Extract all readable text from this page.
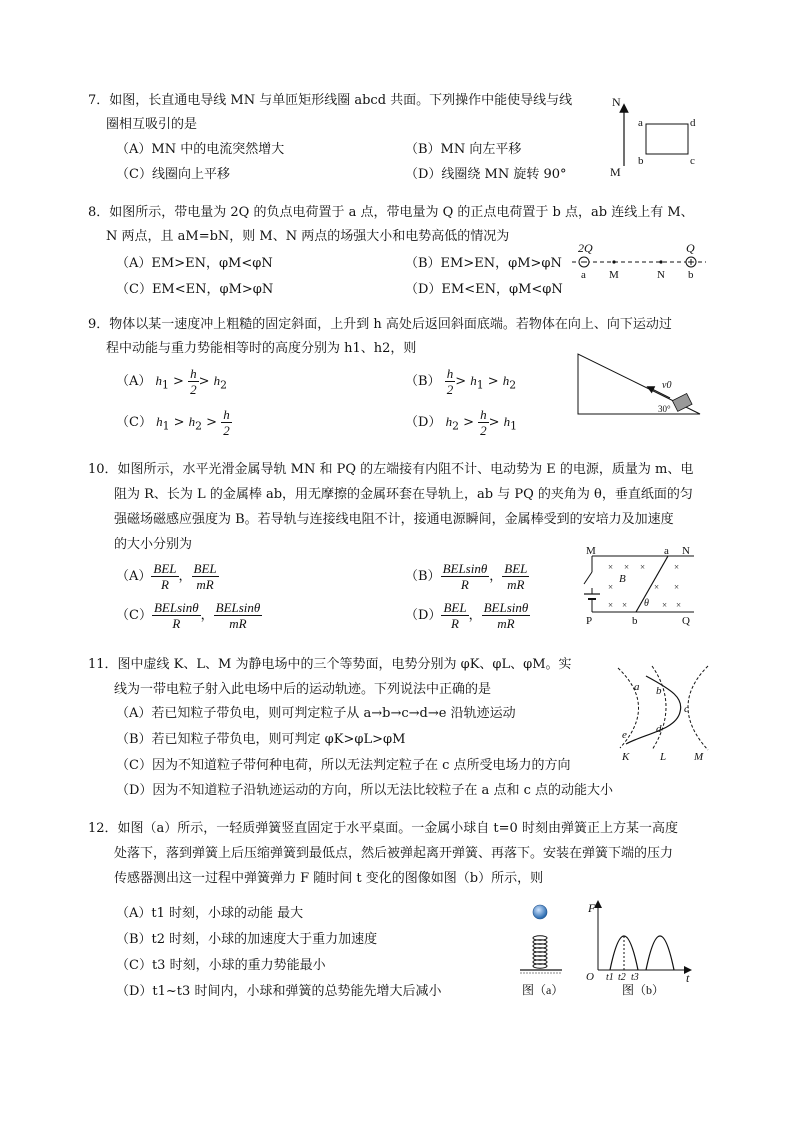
7．如图，长直通电导线 MN 与单匝矩形线圈 abcd 共面。下列操作中能使导线与线
圈相互吸引的是
（A）MN 中的电流突然增大	（B）MN 向左平移
（C）线圈向上平移	（D）线圈绕 MN 旋转 90°
N
M
a	d
b	c
8．如图所示，带电量为 2Q 的负点电荷置于 a 点，带电量为 Q 的正点电荷置于 b 点，ab 连线上有 M、
N 两点，且 aM=bN，则 M、N 两点的场强大小和电势高低的情况为
（A）EM>EN，φM<φN	（B）EM>EN，φM>φN
（C）EM<EN，φM>φN	（D）EM<EN，φM<φN
2Q
a M	N
Q
b
9．物体以某一速度冲上粗糙的固定斜面，上升到 h 高处后返回斜面底端。若物体在向上、向下运动过
程中动能与重力势能相等时的高度分别为 h1、h2，则
（A） $h_1 > \frac{h}{2} > h_2$	$(B) \frac{h}{2} > h_1 > h_2$
（C） $h_1 > h_2 > \frac{h}{2}$	（D） $h_2 > \frac{h}{2} > h_1$
v0
30°
10．如图所示，水平光滑金属导轨 MN 和 PQ 的左端接有内阻不计、电动势为 E 的电源，质量为 m、电
阻为 R、长为 L 的金属棒 ab，用无摩擦的金属环套在导轨上，ab 与 PQ 的夹角为 θ，垂直纸面的匀
强磁场磁感应强度为 B。若导轨与连接线电阻不计，接通电源瞬间，金属棒受到的安培力及加速度
的大小分别为
$(A) \frac{\text{BEL}}{R}$ ， $\frac{\text{BEL}}{mR}$	$(B) \frac{\text{BELsinθ}}{R}$ ， $\frac{\text{BEL}}{mR}$
$(C) \frac{\text{BELsinθ}}{R}$ ， $\frac{\text{BELsinθ}}{mR}$	$(D) \frac{\text{BEL}}{R}$ ， $\frac{\text{BELsinθ}}{mR}$
M	a N
P	b	Q
B
θ
× × ×	×
×	× ×
× ×	× ×
11．图中虚线 K、L、M 为静电场中的三个等势面，电势分别为 φK、φL、φM。实
线为一带电粒子射入此电场中后的运动轨迹。下列说法中正确的是
（A）若已知粒子带负电，则可判定粒子从 a→b→c→d→e 沿轨迹运动
（B）若已知粒子带负电，则可判定 φK>φL>φM
（C）因为不知道粒子带何种电荷，所以无法判定粒子在 c 点所受电场力的方向
（D）因为不知道粒子沿轨迹运动的方向，所以无法比较粒子在 a 点和 c 点的动能大小
a b
c
d
e
K	L	M
12．如图（a）所示，一轻质弹簧竖直固定于水平桌面。一金属小球自 t=0 时刻由弹簧正上方某一高度
处落下，落到弹簧上后压缩弹簧到最低点，然后被弹起离开弹簧、再落下。安装在弹簧下端的压力
传感器测出这一过程中弹簧弹力 F 随时间 t 变化的图像如图（b）所示，则
（A）t1 时刻，小球的动能 最大
（B）t2 时刻，小球的加速度大于重力加速度
（C）t3 时刻，小球的重力势能最小
（D）t1~t3 时间内，小球和弹簧的总势能先增大后减小	图（a）
F
O	t
t1 t2 t3
图（b）
